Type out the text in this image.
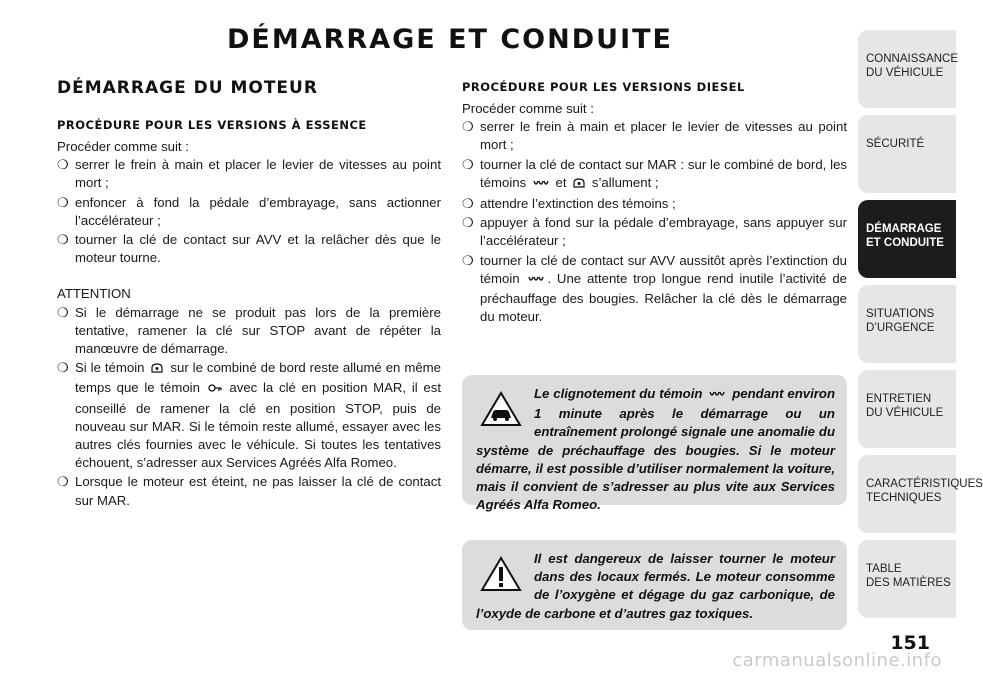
DÉMARRAGE ET CONDUITE
DÉMARRAGE DU MOTEUR
PROCÉDURE POUR LES VERSIONS À ESSENCE
Procéder comme suit :
❍ serrer le frein à main et placer le levier de vitesses au point mort ;
❍ enfoncer à fond la pédale d’embrayage, sans actionner l’accélérateur ;
❍ tourner la clé de contact sur AVV et la relâcher dès que le moteur tourne.
ATTENTION
❍ Si le démarrage ne se produit pas lors de la première tentative, ramener la clé sur STOP avant de répéter la manœuvre de démarrage.
❍ Si le témoin sur le combiné de bord reste allumé en même temps que le témoin avec la clé en position MAR, il est conseillé de ramener la clé en position STOP, puis de nouveau sur MAR. Si le témoin reste allumé, essayer avec les autres clés fournies avec le véhicule. Si toutes les tentatives échouent, s’adresser aux Services Agréés Alfa Romeo.
❍ Lorsque le moteur est éteint, ne pas laisser la clé de contact sur MAR.
PROCÉDURE POUR LES VERSIONS DIESEL
Procéder comme suit :
❍ serrer le frein à main et placer le levier de vitesses au point mort ;
❍ tourner la clé de contact sur MAR : sur le combiné de bord, les témoins et s’allument ;
❍ attendre l’extinction des témoins ;
❍ appuyer à fond sur la pédale d’embrayage, sans appuyer sur l’accélérateur ;
❍ tourner la clé de contact sur AVV aussitôt après l’extinction du témoin . Une attente trop longue rend inutile l’activité de préchauffage des bougies. Relâcher la clé dès le démarrage du moteur.
Le clignotement du témoin pendant environ 1 minute après le démarrage ou un entraînement prolongé signale une anomalie du système de préchauffage des bougies. Si le moteur démarre, il est possible d’utiliser normalement la voiture, mais il convient de s’adresser au plus vite aux Services Agréés Alfa Romeo.
Il est dangereux de laisser tourner le moteur dans des locaux fermés. Le moteur consomme de l’oxygène et dégage du gaz carbonique, de l’oxyde de carbone et d’autres gaz toxiques.
CONNAISSANCE
DU VÉHICULE
SÉCURITÉ
DÉMARRAGE
ET CONDUITE
SITUATIONS
D’URGENCE
ENTRETIEN
DU VÉHICULE
CARACTÉRISTIQUES
TECHNIQUES
TABLE
DES MATIÈRES
151
carmanualsonline.info
